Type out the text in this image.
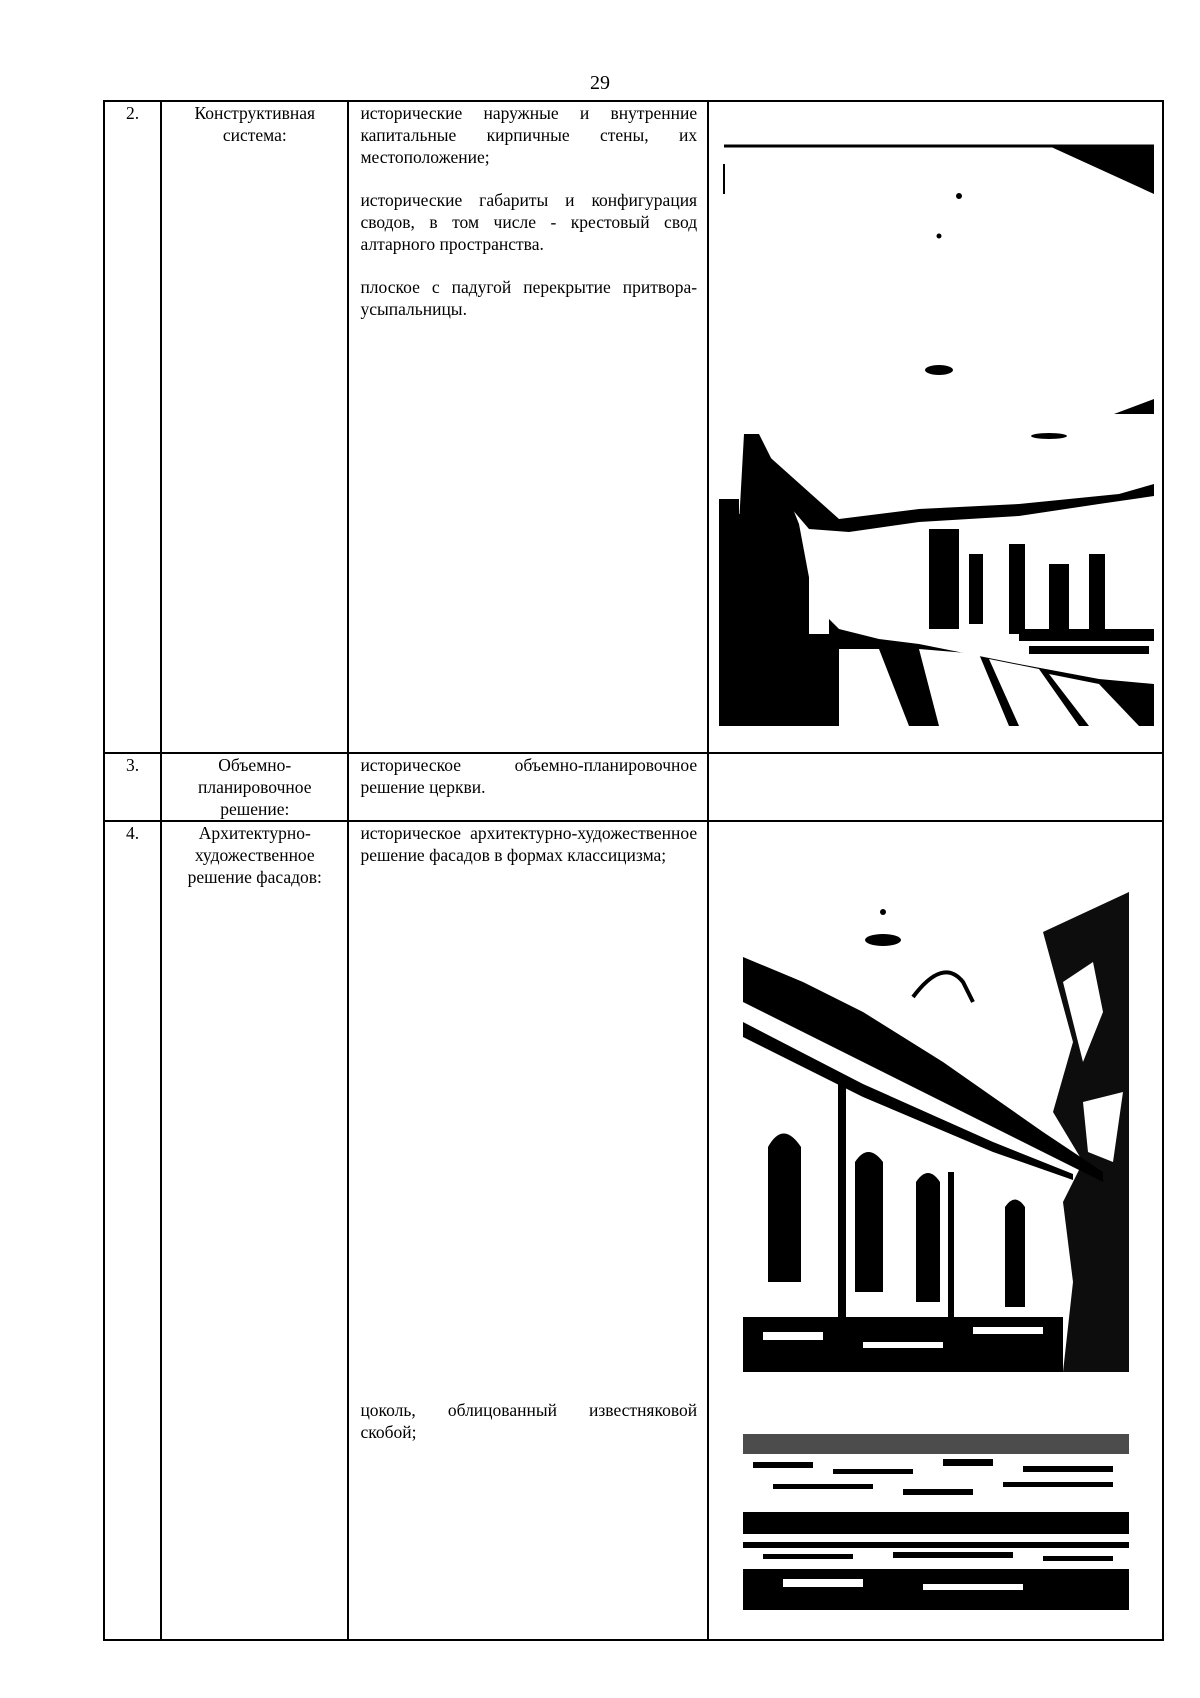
29
2.	Конструктивная система:	исторические наружные и внутренние капитальные кирпичные стены, их местоположение;

исторические габариты и конфигурация сводов, в том числе - крестовый свод алтарного пространства.

плоское с падугой перекрытие притвора-усыпальницы.

3.	Объемно-планировочное решение:	историческое объемно-планировочное решение церкви.	

4.	Архитектурно-художественное решение фасадов:	историческое архитектурно-художественное решение фасадов в формах классицизма;

цоколь, облицованный известняковой скобой;
